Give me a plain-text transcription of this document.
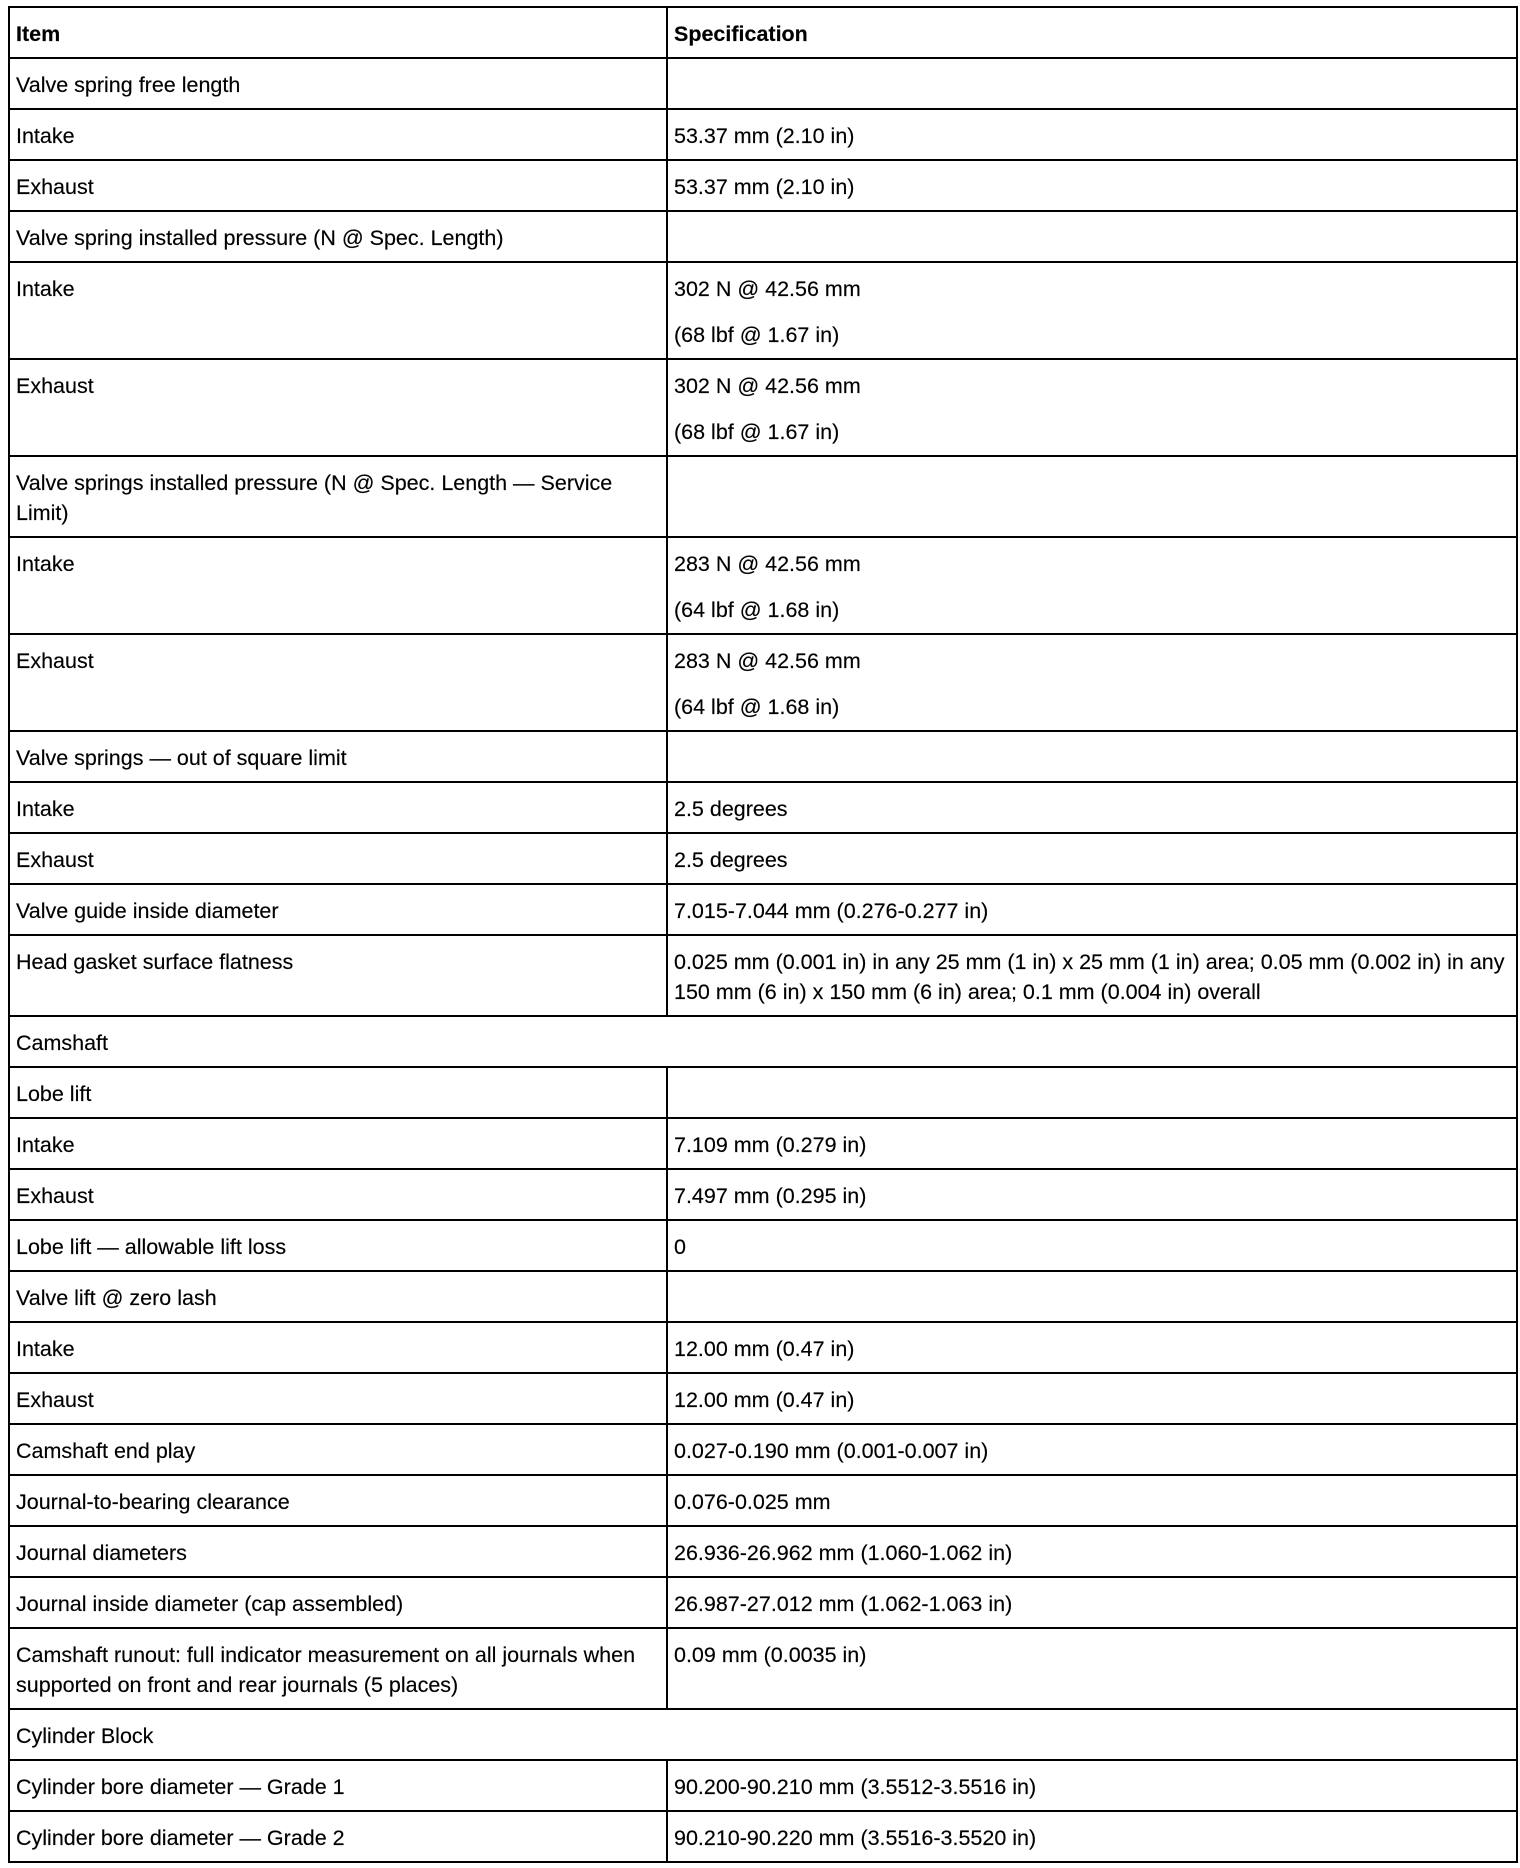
Item	Specification
Valve spring free length	

Intake	53.37 mm (2.10 in)

Exhaust	53.37 mm (2.10 in)

Valve spring installed pressure (N @ Spec. Length)	

Intake	302 N @ 42.56 mm
(68 lbf @ 1.67 in)

Exhaust	302 N @ 42.56 mm
(68 lbf @ 1.67 in)

Valve springs installed pressure (N @ Spec. Length — Service Limit)	

Intake	283 N @ 42.56 mm
(64 lbf @ 1.68 in)

Exhaust	283 N @ 42.56 mm
(64 lbf @ 1.68 in)

Valve springs — out of square limit	

Intake	2.5 degrees

Exhaust	2.5 degrees

Valve guide inside diameter	7.015-7.044 mm (0.276-0.277 in)

Head gasket surface flatness	0.025 mm (0.001 in) in any 25 mm (1 in) x 25 mm (1 in) area; 0.05 mm (0.002 in) in any 150 mm (6 in) x 150 mm (6 in) area; 0.1 mm (0.004 in) overall

Camshaft	
Lobe lift	

Intake	7.109 mm (0.279 in)

Exhaust	7.497 mm (0.295 in)

Lobe lift — allowable lift loss	0

Valve lift @ zero lash	

Intake	12.00 mm (0.47 in)

Exhaust	12.00 mm (0.47 in)

Camshaft end play	0.027-0.190 mm (0.001-0.007 in)

Journal-to-bearing clearance	0.076-0.025 mm

Journal diameters	26.936-26.962 mm (1.060-1.062 in)

Journal inside diameter (cap assembled)	26.987-27.012 mm (1.062-1.063 in)

Camshaft runout: full indicator measurement on all journals when supported on front and rear journals (5 places)	0.09 mm (0.0035 in)

Cylinder Block	
Cylinder bore diameter — Grade 1	90.200-90.210 mm (3.5512-3.5516 in)

Cylinder bore diameter — Grade 2	90.210-90.220 mm (3.5516-3.5520 in)
